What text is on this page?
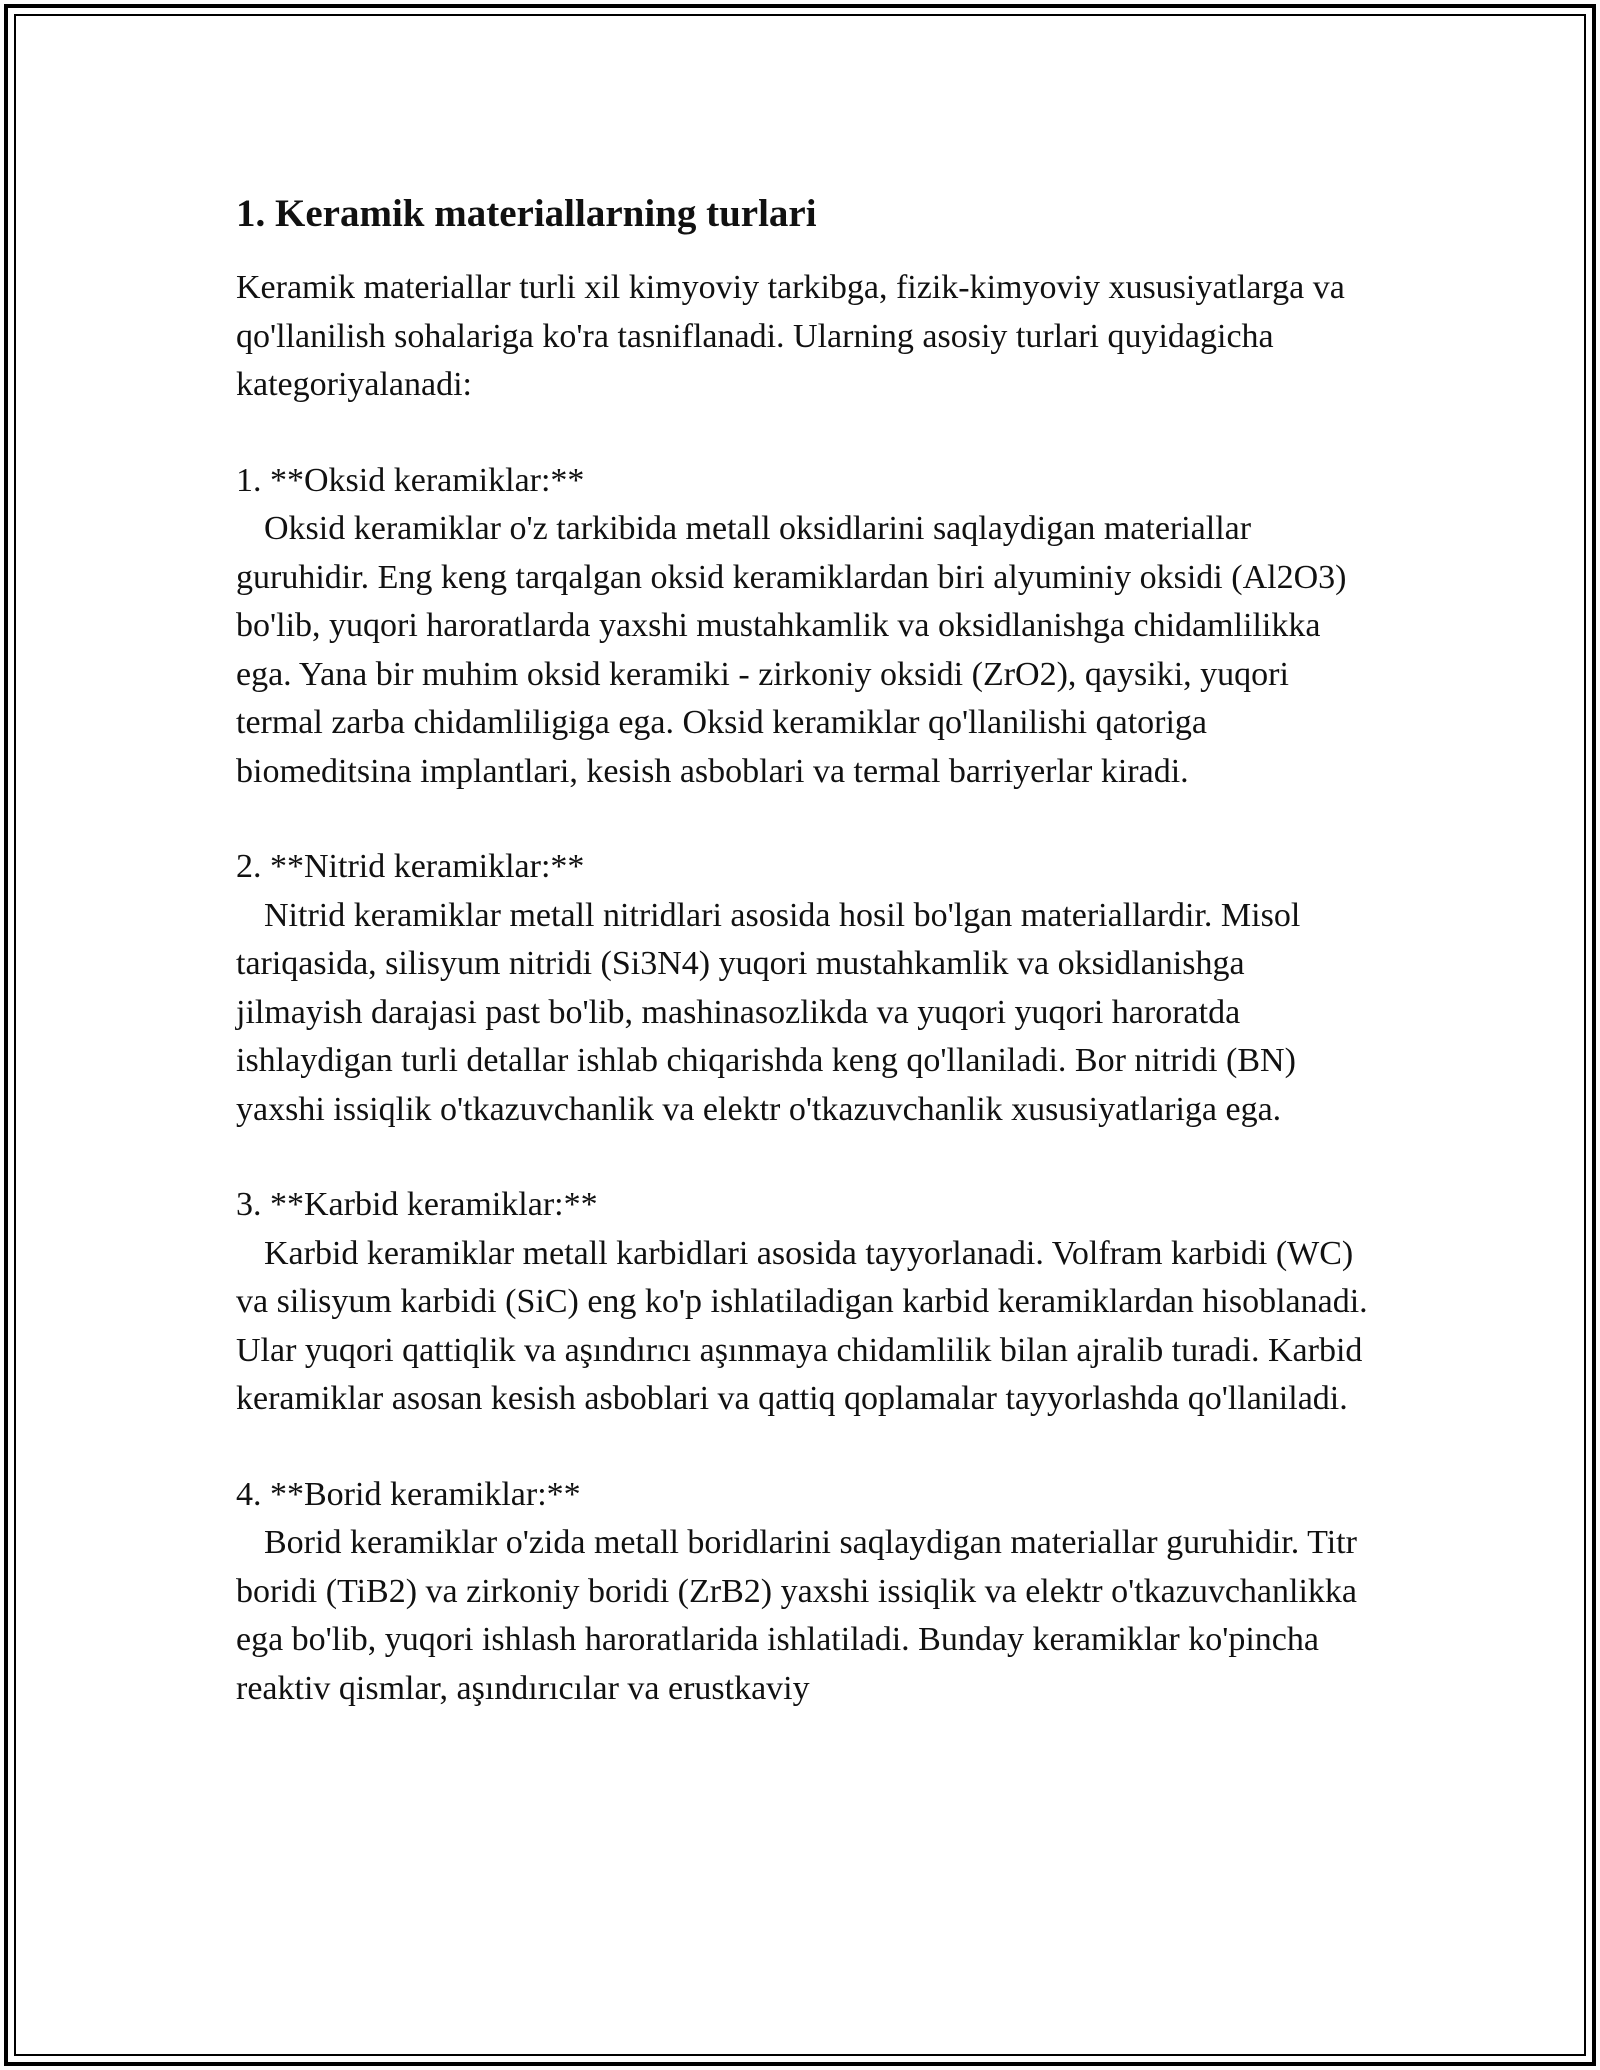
1. Keramik materiallarning turlari

Keramik materiallar turli xil kimyoviy tarkibga, fizik-kimyoviy xususiyatlarga va qo'llanilish sohalariga ko'ra tasniflanadi. Ularning asosiy turlari quyidagicha kategoriyalanadi:

1. **Oksid keramiklar:**

Oksid keramiklar o'z tarkibida metall oksidlarini saqlaydigan materiallar guruhidir. Eng keng tarqalgan oksid keramiklardan biri alyuminiy oksidi (Al2O3) bo'lib, yuqori haroratlarda yaxshi mustahkamlik va oksidlanishga chidamlilikka ega. Yana bir muhim oksid keramiki - zirkoniy oksidi (ZrO2), qaysiki, yuqori termal zarba chidamliligiga ega. Oksid keramiklar qo'llanilishi qatoriga biomeditsina implantlari, kesish asboblari va termal barriyerlar kiradi.

2. **Nitrid keramiklar:**

Nitrid keramiklar metall nitridlari asosida hosil bo'lgan materiallardir. Misol tariqasida, silisyum nitridi (Si3N4) yuqori mustahkamlik va oksidlanishga jilmayish darajasi past bo'lib, mashinasozlikda va yuqori yuqori haroratda ishlaydigan turli detallar ishlab chiqarishda keng qo'llaniladi. Bor nitridi (BN) yaxshi issiqlik o'tkazuvchanlik va elektr o'tkazuvchanlik xususiyatlariga ega.

3. **Karbid keramiklar:**

Karbid keramiklar metall karbidlari asosida tayyorlanadi. Volfram karbidi (WC) va silisyum karbidi (SiC) eng ko'p ishlatiladigan karbid keramiklardan hisoblanadi. Ular yuqori qattiqlik va aşındırıcı aşınmaya chidamlilik bilan ajralib turadi. Karbid keramiklar asosan kesish asboblari va qattiq qoplamalar tayyorlashda qo'llaniladi.

4. **Borid keramiklar:**

Borid keramiklar o'zida metall boridlarini saqlaydigan materiallar guruhidir. Titr boridi (TiB2) va zirkoniy boridi (ZrB2) yaxshi issiqlik va elektr o'tkazuvchanlikka ega bo'lib, yuqori ishlash haroratlarida ishlatiladi. Bunday keramiklar ko'pincha reaktiv qismlar, aşındırıcılar va erustkaviy
